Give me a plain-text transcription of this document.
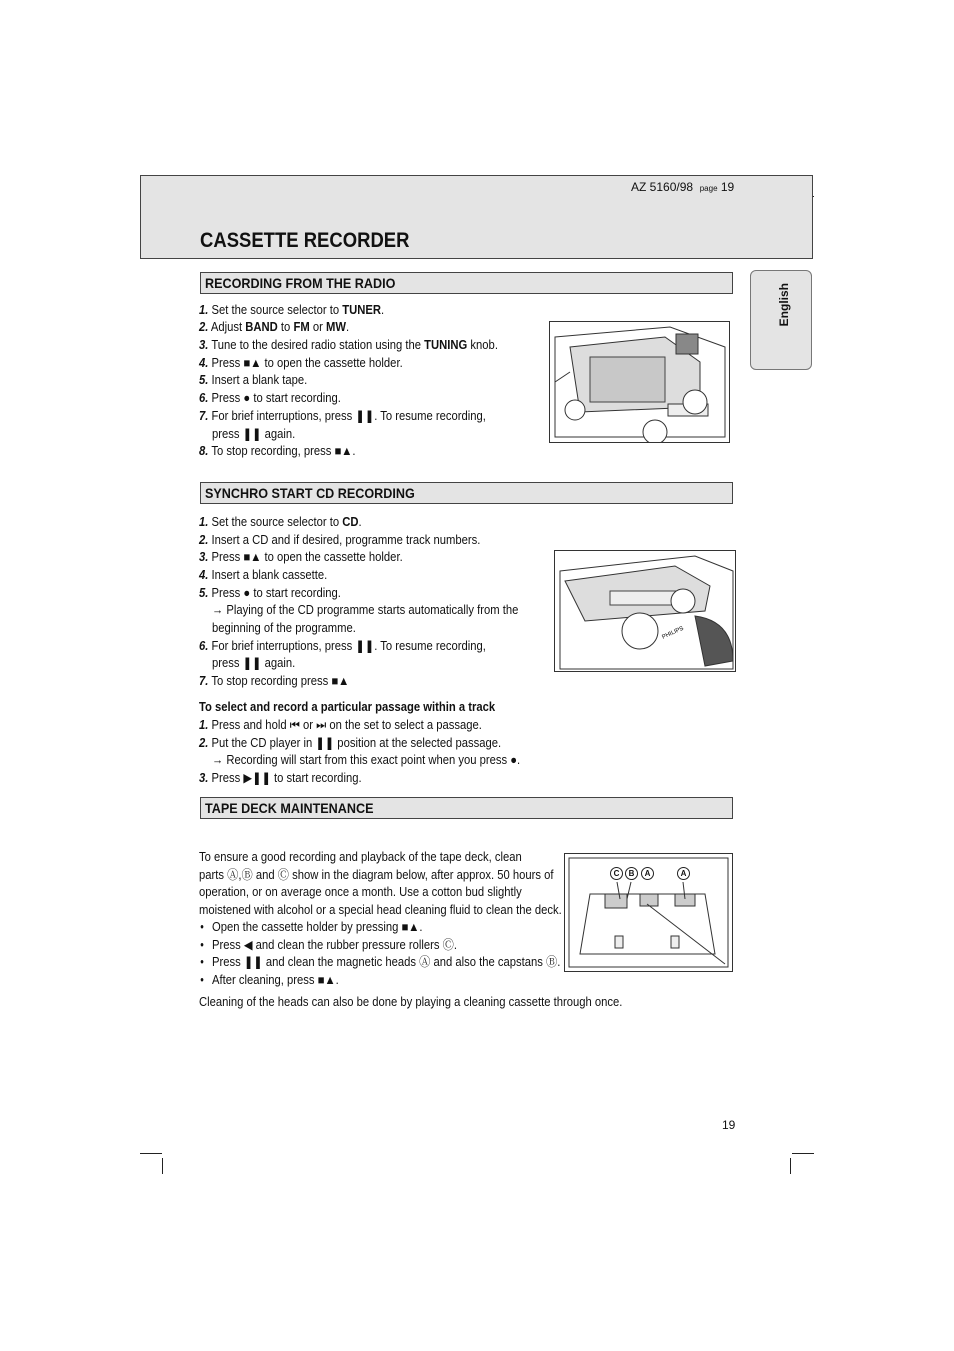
AZ 5160/98 page 19
CASSETTE RECORDER
English
RECORDING FROM THE RADIO
1. Set the source selector to TUNER.
2. Adjust BAND to FM or MW.
3. Tune to the desired radio station using the TUNING knob.
4. Press ■▲ to open the cassette holder.
5. Insert a blank tape.
6. Press ● to start recording.
7. For brief interruptions, press ❚❚. To resume recording,
press ❚❚ again.
8. To stop recording, press ■▲.
SYNCHRO START CD RECORDING
1. Set the source selector to CD.
2. Insert a CD and if desired, programme track numbers.
3. Press ■▲ to open the cassette holder.
4. Insert a blank cassette.
5. Press ● to start recording.
→ Playing of the CD programme starts automatically from the
beginning of the programme.
6. For brief interruptions, press ❚❚. To resume recording,
press ❚❚ again.
7. To stop recording press ■▲
PHILIPS
To select and record a particular passage within a track
1. Press and hold ⏮ or ⏭ on the set to select a passage.
2. Put the CD player in ❚❚ position at the selected passage.
→ Recording will start from this exact point when you press ●.
3. Press ▶❚❚ to start recording.
TAPE DECK MAINTENANCE
To ensure a good recording and playback of the tape deck, clean
parts Ⓐ,Ⓑ and Ⓒ show in the diagram below, after approx. 50 hours of
operation, or on average once a month. Use a cotton bud slightly
moistened with alcohol or a special head cleaning fluid to clean the deck.
Open the cassette holder by pressing ■▲.
•
Press ◀ and clean the rubber pressure rollers Ⓒ.
•
Press ❚❚ and clean the magnetic heads Ⓐ and also the capstans Ⓑ.
•
After cleaning, press ■▲.
•
Cleaning of the heads can also be done by playing a cleaning cassette through once.
C	B	A	A
19
